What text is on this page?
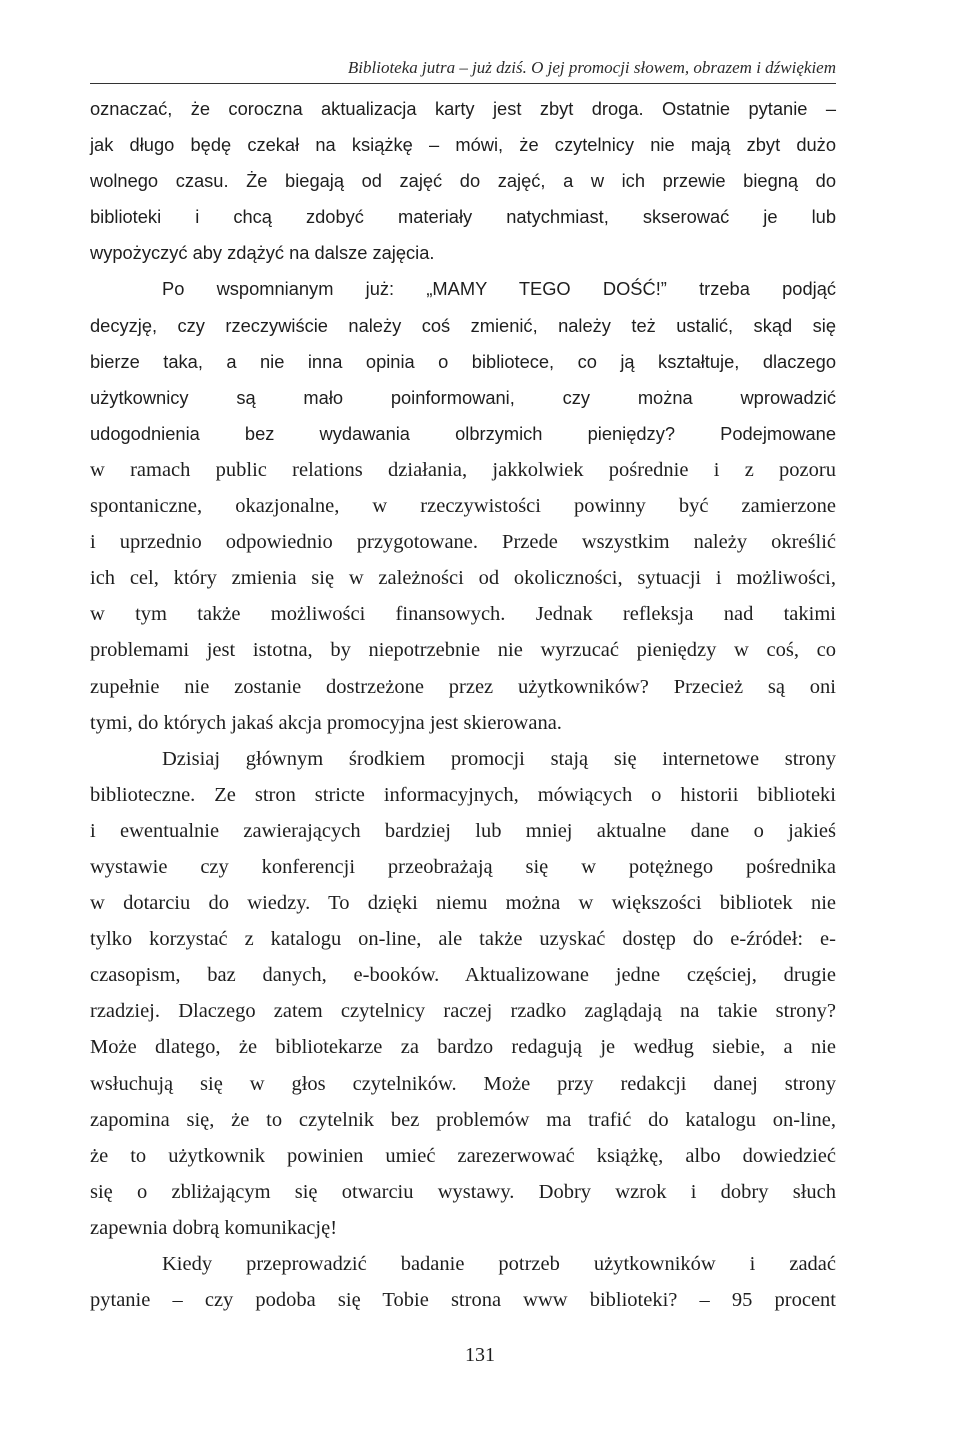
Biblioteka jutra – już dziś. O jej promocji słowem, obrazem i dźwiękiem

oznaczać, że coroczna aktualizacja karty jest zbyt droga. Ostatnie pytanie –
jak długo będę czekał na książkę – mówi, że czytelnicy nie mają zbyt dużo
wolnego czasu. Że biegają od zajęć do zajęć, a w ich przewie biegną do
biblioteki i chcą zdobyć materiały natychmiast, skserować je lub
wypożyczyć aby zdążyć na dalsze zajęcia.

Po wspomnianym już: „MAMY TEGO DOŚĆ!” trzeba podjąć
decyzję, czy rzeczywiście należy coś zmienić, należy też ustalić, skąd się
bierze taka, a nie inna opinia o bibliotece, co ją kształtuje, dlaczego
użytkownicy są mało poinformowani, czy można wprowadzić
udogodnienia bez wydawania olbrzymich pieniędzy? Podejmowane
w ramach public relations działania, jakkolwiek pośrednie i z pozoru
spontaniczne, okazjonalne, w rzeczywistości powinny być zamierzone
i uprzednio odpowiednio przygotowane. Przede wszystkim należy określić
ich cel, który zmienia się w zależności od okoliczności, sytuacji i możliwości,
w tym także możliwości finansowych. Jednak refleksja nad takimi
problemami jest istotna, by niepotrzebnie nie wyrzucać pieniędzy w coś, co
zupełnie nie zostanie dostrzeżone przez użytkowników? Przecież są oni
tymi, do których jakaś akcja promocyjna jest skierowana.

Dzisiaj głównym środkiem promocji stają się internetowe strony
biblioteczne. Ze stron stricte informacyjnych, mówiących o historii biblioteki
i ewentualnie zawierających bardziej lub mniej aktualne dane o jakieś
wystawie czy konferencji przeobrażają się w potężnego pośrednika
w dotarciu do wiedzy. To dzięki niemu można w większości bibliotek nie
tylko korzystać z katalogu on-line, ale także uzyskać dostęp do e-źródeł: e-
czasopism, baz danych, e-booków. Aktualizowane jedne częściej, drugie
rzadziej. Dlaczego zatem czytelnicy raczej rzadko zaglądają na takie strony?
Może dlatego, że bibliotekarze za bardzo redagują je według siebie, a nie
wsłuchują się w głos czytelników. Może przy redakcji danej strony
zapomina się, że to czytelnik bez problemów ma trafić do katalogu on-line,
że to użytkownik powinien umieć zarezerwować książkę, albo dowiedzieć
się o zbliżającym się otwarciu wystawy. Dobry wzrok i dobry słuch
zapewnia dobrą komunikację!

Kiedy przeprowadzić badanie potrzeb użytkowników i zadać
pytanie – czy podoba się Tobie strona www biblioteki? – 95 procent

131
